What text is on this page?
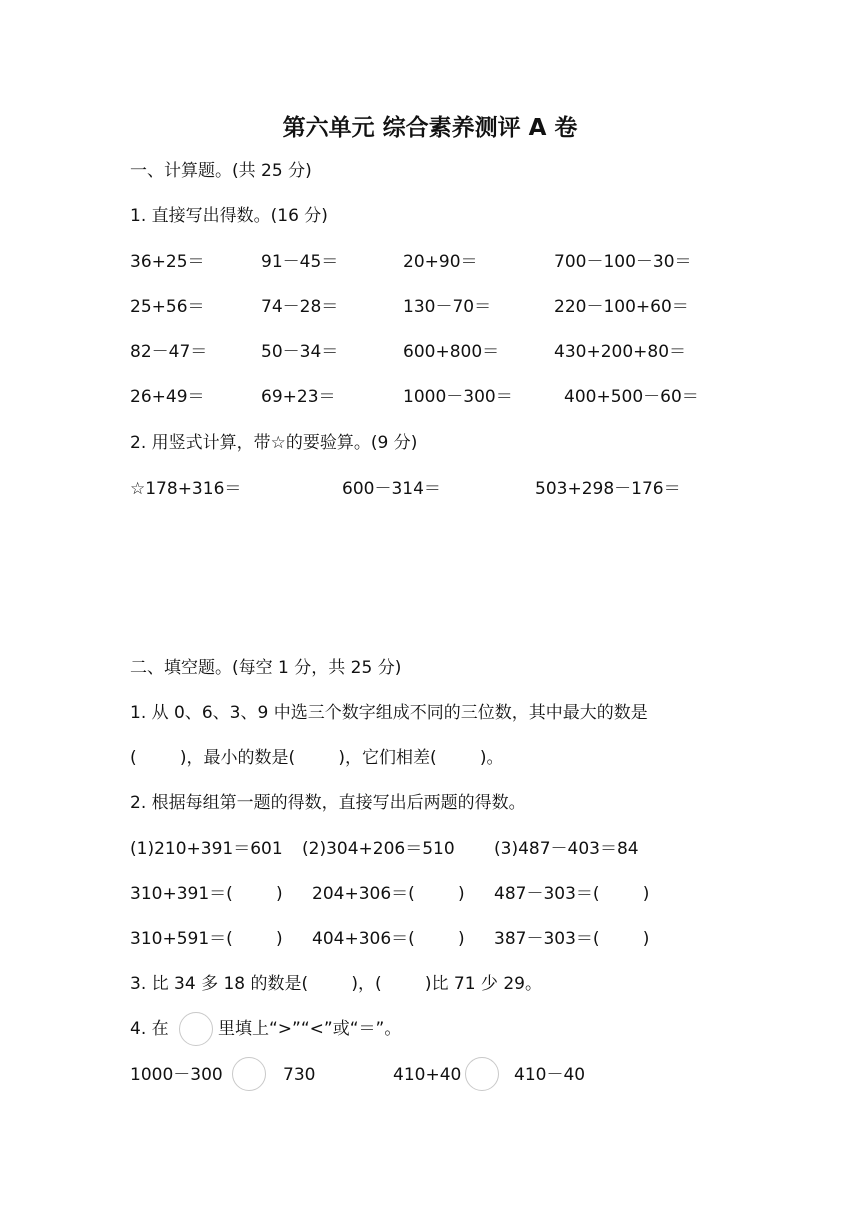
第六单元 综合素养测评 A 卷
一、计算题。(共 25 分)
1. 直接写出得数。(16 分)
36+25＝	91－45＝	20+90＝	700－100－30＝
25+56＝	74－28＝	130－70＝	220－100+60＝
82－47＝	50－34＝	600+800＝	430+200+80＝
26+49＝	69+23＝	1000－300＝	400+500－60＝
2. 用竖式计算，带☆的要验算。(9 分)
☆178+316＝	600－314＝	503+298－176＝
二、填空题。(每空 1 分，共 25 分)
1. 从 0、6、3、9 中选三个数字组成不同的三位数，其中最大的数是
(        )，最小的数是(        )，它们相差(        )。
2. 根据每组第一题的得数，直接写出后两题的得数。
(1)210+391＝601 (2)304+206＝510 (3)487－403＝84
310+391＝(        ) 204+306＝(        ) 487－303＝(        )
310+591＝(        ) 404+306＝(        ) 387－303＝(        )
3. 比 34 多 18 的数是(        )，(        )比 71 少 29。
4. 在	里填上“>”“<”或“＝”。
1000－300	730	410+40	410－40
